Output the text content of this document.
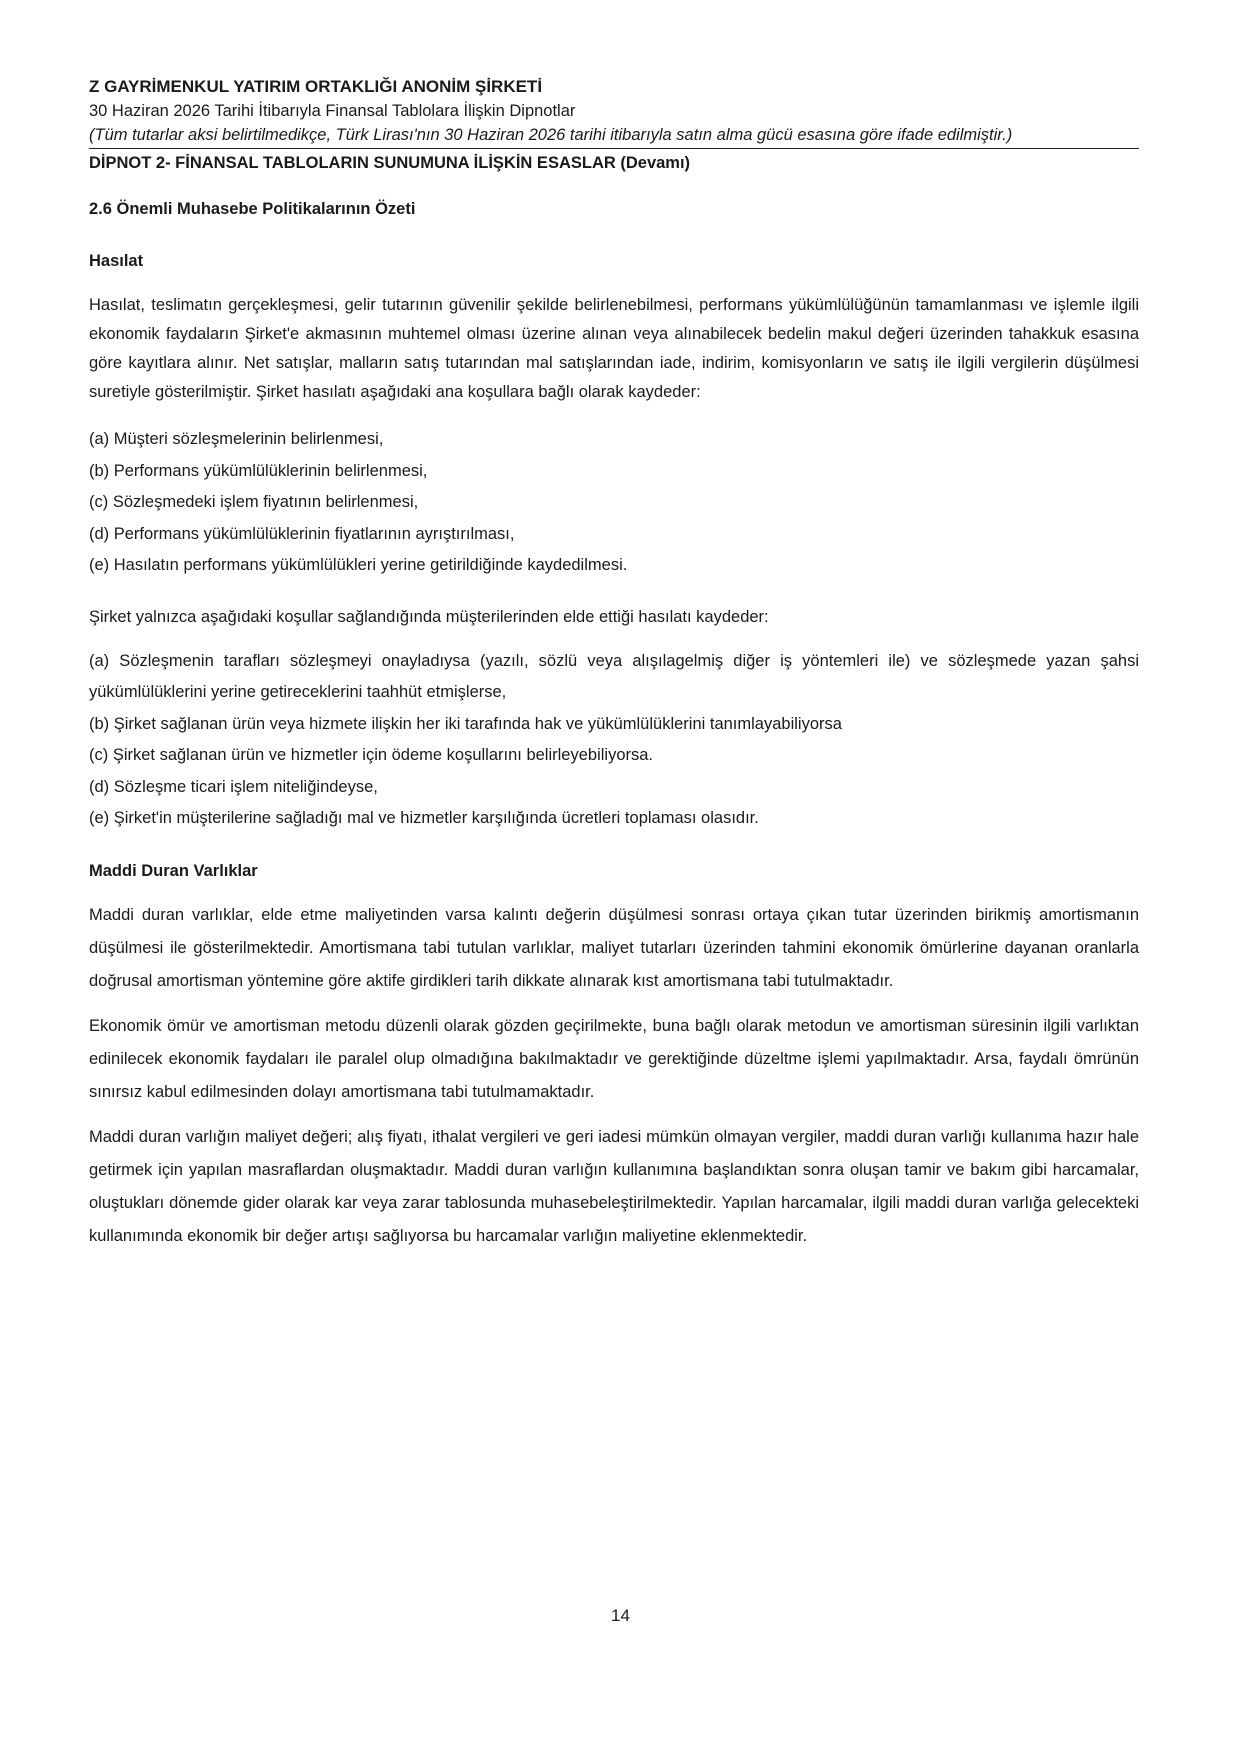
Z GAYRİMENKUL YATIRIM ORTAKLIĞI ANONİM ŞİRKETİ

30 Haziran 2026 Tarihi İtibarıyla Finansal Tablolara İlişkin Dipnotlar

(Tüm tutarlar aksi belirtilmedikçe, Türk Lirası'nın 30 Haziran 2026 tarihi itibarıyla satın alma gücü esasına göre ifade edilmiştir.)

DİPNOT 2- FİNANSAL TABLOLARIN SUNUMUNA İLİŞKİN ESASLAR (Devamı)

2.6 Önemli Muhasebe Politikalarının Özeti

Hasılat

Hasılat, teslimatın gerçekleşmesi, gelir tutarının güvenilir şekilde belirlenebilmesi, performans yükümlülüğünün tamamlanması ve işlemle ilgili ekonomik faydaların Şirket'e akmasının muhtemel olması üzerine alınan veya alınabilecek bedelin makul değeri üzerinden tahakkuk esasına göre kayıtlara alınır. Net satışlar, malların satış tutarından mal satışlarından iade, indirim, komisyonların ve satış ile ilgili vergilerin düşülmesi suretiyle gösterilmiştir. Şirket hasılatı aşağıdaki ana koşullara bağlı olarak kaydeder:

(a) Müşteri sözleşmelerinin belirlenmesi,
(b) Performans yükümlülüklerinin belirlenmesi,
(c) Sözleşmedeki işlem fiyatının belirlenmesi,
(d) Performans yükümlülüklerinin fiyatlarının ayrıştırılması,
(e) Hasılatın performans yükümlülükleri yerine getirildiğinde kaydedilmesi.

Şirket yalnızca aşağıdaki koşullar sağlandığında müşterilerinden elde ettiği hasılatı kaydeder:

(a) Sözleşmenin tarafları sözleşmeyi onayladıysa (yazılı, sözlü veya alışılagelmiş diğer iş yöntemleri ile) ve sözleşmede yazan şahsi yükümlülüklerini yerine getireceklerini taahhüt etmişlerse,
(b) Şirket sağlanan ürün veya hizmete ilişkin her iki tarafında hak ve yükümlülüklerini tanımlayabiliyorsa
(c) Şirket sağlanan ürün ve hizmetler için ödeme koşullarını belirleyebiliyorsa.
(d) Sözleşme ticari işlem niteliğindeyse,
(e) Şirket'in müşterilerine sağladığı mal ve hizmetler karşılığında ücretleri toplaması olasıdır.

Maddi Duran Varlıklar

Maddi duran varlıklar, elde etme maliyetinden varsa kalıntı değerin düşülmesi sonrası ortaya çıkan tutar üzerinden birikmiş amortismanın düşülmesi ile gösterilmektedir. Amortismana tabi tutulan varlıklar, maliyet tutarları üzerinden tahmini ekonomik ömürlerine dayanan oranlarla doğrusal amortisman yöntemine göre aktife girdikleri tarih dikkate alınarak kıst amortismana tabi tutulmaktadır.

Ekonomik ömür ve amortisman metodu düzenli olarak gözden geçirilmekte, buna bağlı olarak metodun ve amortisman süresinin ilgili varlıktan edinilecek ekonomik faydaları ile paralel olup olmadığına bakılmaktadır ve gerektiğinde düzeltme işlemi yapılmaktadır. Arsa, faydalı ömrünün sınırsız kabul edilmesinden dolayı amortismana tabi tutulmamaktadır.

Maddi duran varlığın maliyet değeri; alış fiyatı, ithalat vergileri ve geri iadesi mümkün olmayan vergiler, maddi duran varlığı kullanıma hazır hale getirmek için yapılan masraflardan oluşmaktadır. Maddi duran varlığın kullanımına başlandıktan sonra oluşan tamir ve bakım gibi harcamalar, oluştukları dönemde gider olarak kar veya zarar tablosunda muhasebeleştirilmektedir. Yapılan harcamalar, ilgili maddi duran varlığa gelecekteki kullanımında ekonomik bir değer artışı sağlıyorsa bu harcamalar varlığın maliyetine eklenmektedir.

14
